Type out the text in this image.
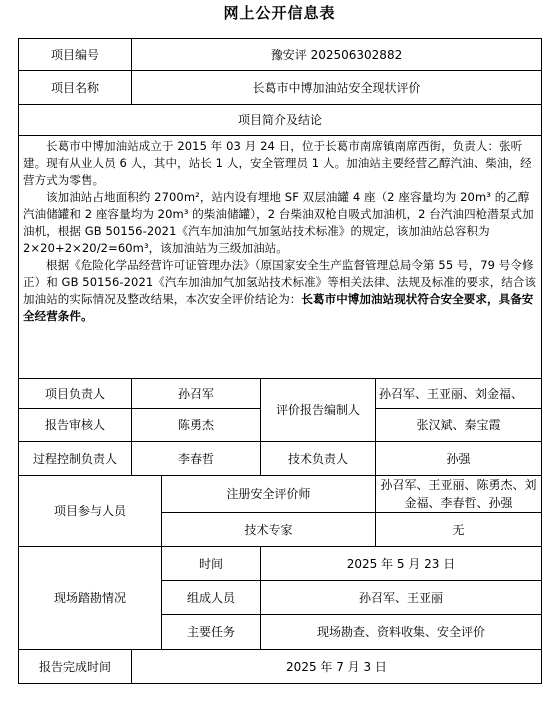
网上公开信息表
项目编号	豫安评 202506302882			
项目名称	长葛市中博加油站安全现状评价			
项目简介及结论				

长葛市中博加油站成立于 2015 年 03 月 24 日，位于长葛市南席镇南席西街，负责人：张听建。现有从业人员 6 人，其中，站长 1 人，安全管理员 1 人。加油站主要经营乙醇汽油、柴油，经营方式为零售。

该加油站占地面积约 2700m²，站内设有埋地 SF 双层油罐 4 座（2 座容量均为 20m³ 的乙醇汽油储罐和 2 座容量均为 20m³ 的柴油储罐），2 台柴油双枪自吸式加油机，2 台汽油四枪潜泵式加油机，根据 GB 50156-2021《汽车加油加气加氢站技术标准》的规定，该加油站总容积为 2×20+2×20/2=60m³，该加油站为三级加油站。

根据《危险化学品经营许可证管理办法》（原国家安全生产监督管理总局令第 55 号，79 号令修正）和 GB 50156-2021《汽车加油加气加氢站技术标准》等相关法律、法规及标准的要求，结合该加油站的实际情况及整改结果，本次安全评价结论为：长葛市中博加油站现状符合安全要求，具备安全经营条件。				

项目负责人	孙召军		评价报告编制人	孙召军、王亚丽、刘金福、
报告审核人	陈勇杰			张汉斌、秦宝霞
过程控制负责人	李春哲		技术负责人	孙强
项目参与人员		注册安全评价师		孙召军、王亚丽、陈勇杰、刘金福、李春哲、孙强
		技术专家		无
现场踏勘情况		时间	2025 年 5 月 23 日	
		组成人员	孙召军、王亚丽	
		主要任务	现场勘查、资料收集、安全评价	
报告完成时间	2025 年 7 月 3 日			
